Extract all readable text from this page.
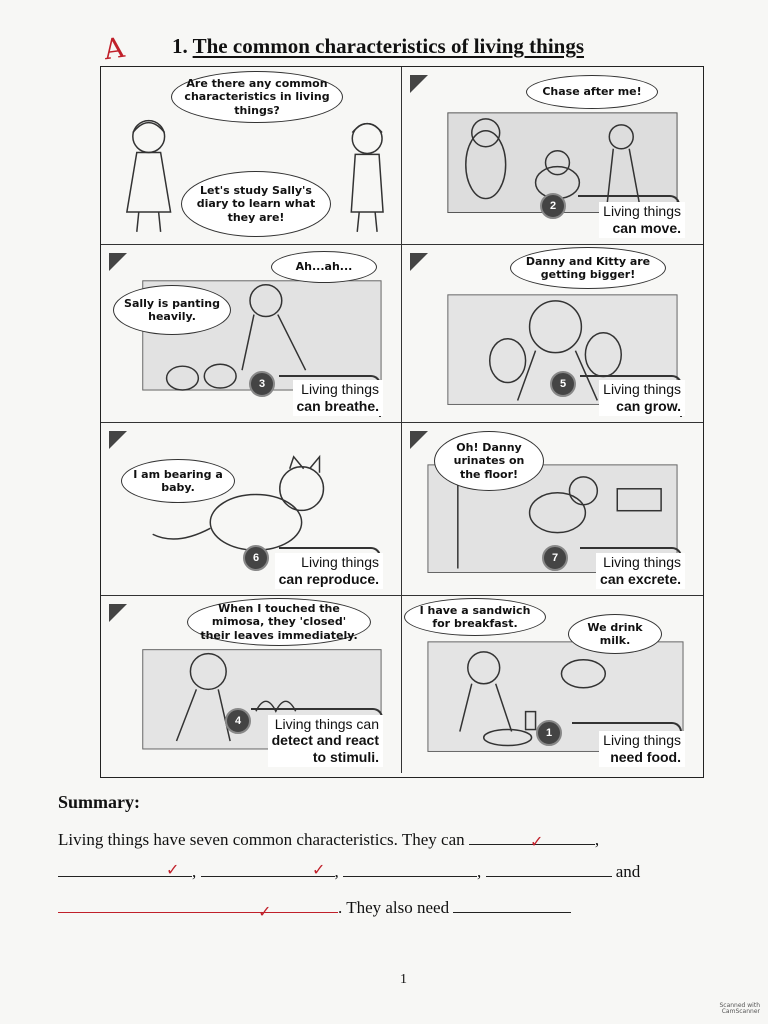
A 1. The common characteristics of living things
Are there any common characteristics in living things?
Let's study Sally's diary to learn what they are!
Chase after me!
2	Living things
can move.
Ah...ah...
Sally is panting heavily.
3	Living things
can breathe.
Danny and Kitty are getting bigger!
5	Living things
can grow.
I am bearing a baby.
6	Living things
can reproduce.
Oh! Danny urinates on the floor!
7	Living things
can excrete.
When I touched the mimosa, they 'closed' their leaves immediately.
4	Living things can
detect and react
to stimuli.
I have a sandwich for breakfast.	We drink milk.
1	Living things
need food.
Summary:
Living things have seven common characteristics. They can	,
,	,	,	and
. They also need
✓
✓	✓
✓
1
Scanned with
CamScanner
